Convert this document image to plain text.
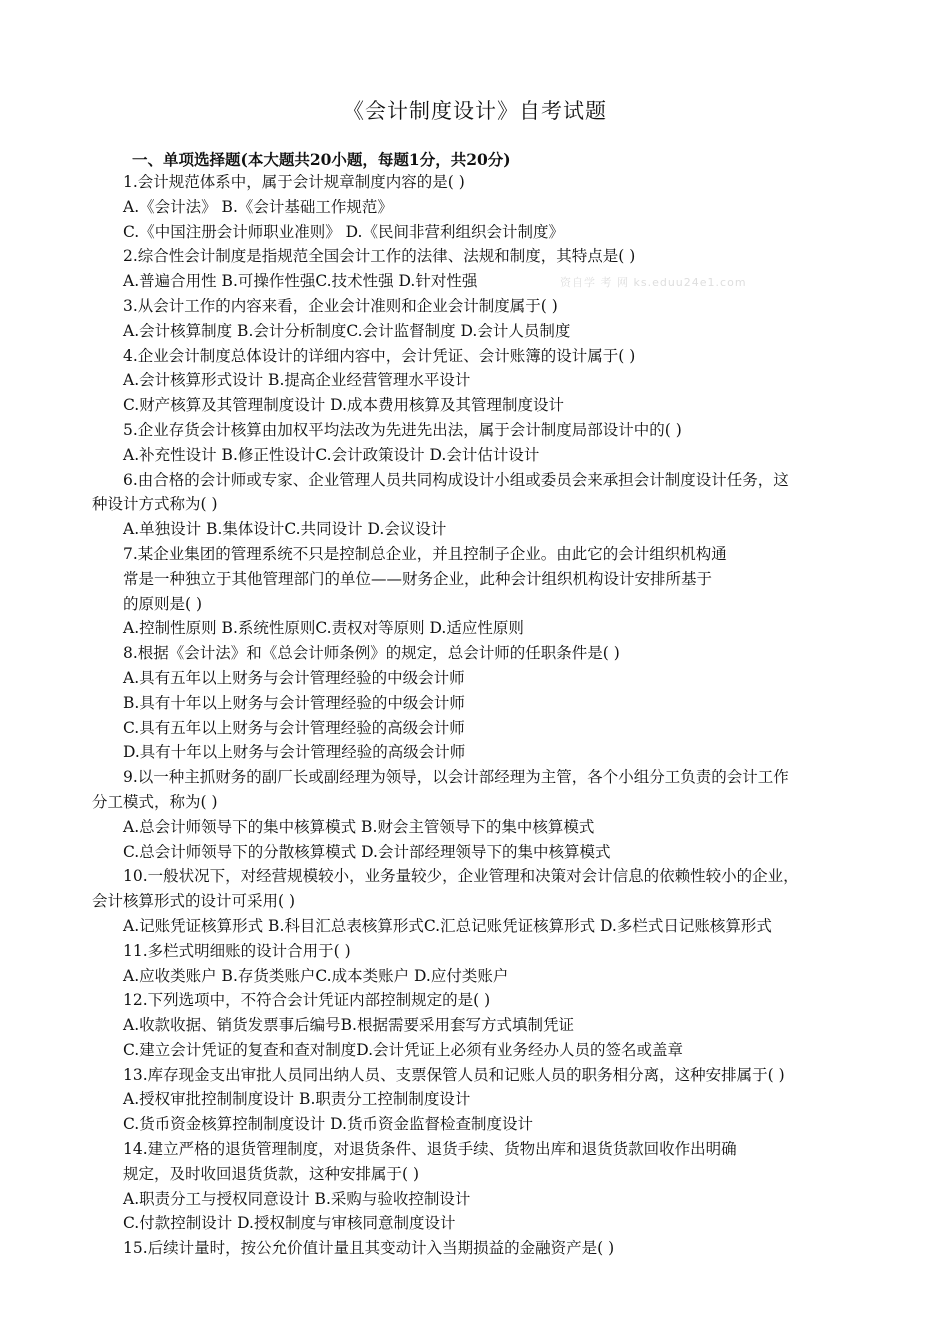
《会计制度设计》自考试题
一、单项选择题(本大题共20小题，每题1分，共20分)
资自学 考 网 ks.eduu24e1.com
1.会计规范体系中，属于会计规章制度内容的是( )
A.《会计法》 B.《会计基础工作规范》
C.《中国注册会计师职业准则》 D.《民间非营利组织会计制度》
2.综合性会计制度是指规范全国会计工作的法律、法规和制度，其特点是( )
A.普遍合用性 B.可操作性强C.技术性强 D.针对性强
3.从会计工作的内容来看，企业会计准则和企业会计制度属于( )
A.会计核算制度 B.会计分析制度C.会计监督制度 D.会计人员制度
4.企业会计制度总体设计的详细内容中，会计凭证、会计账簿的设计属于( )
A.会计核算形式设计 B.提高企业经营管理水平设计
C.财产核算及其管理制度设计 D.成本费用核算及其管理制度设计
5.企业存货会计核算由加权平均法改为先进先出法，属于会计制度局部设计中的( )
A.补充性设计 B.修正性设计C.会计政策设计 D.会计估计设计
6.由合格的会计师或专家、企业管理人员共同构成设计小组或委员会来承担会计制度设计任务，这
种设计方式称为( )
A.单独设计 B.集体设计C.共同设计 D.会议设计
7.某企业集团的管理系统不只是控制总企业，并且控制子企业。由此它的会计组织机构通
常是一种独立于其他管理部门的单位——财务企业，此种会计组织机构设计安排所基于
的原则是( )
A.控制性原则 B.系统性原则C.责权对等原则 D.适应性原则
8.根据《会计法》和《总会计师条例》的规定，总会计师的任职条件是( )
A.具有五年以上财务与会计管理经验的中级会计师
B.具有十年以上财务与会计管理经验的中级会计师
C.具有五年以上财务与会计管理经验的高级会计师
D.具有十年以上财务与会计管理经验的高级会计师
9.以一种主抓财务的副厂长或副经理为领导，以会计部经理为主管，各个小组分工负责的会计工作
分工模式，称为( )
A.总会计师领导下的集中核算模式 B.财会主管领导下的集中核算模式
C.总会计师领导下的分散核算模式 D.会计部经理领导下的集中核算模式
10.一般状况下，对经营规模较小，业务量较少，企业管理和决策对会计信息的依赖性较小的企业，
会计核算形式的设计可采用( )
A.记账凭证核算形式 B.科目汇总表核算形式C.汇总记账凭证核算形式 D.多栏式日记账核算形式
11.多栏式明细账的设计合用于( )
A.应收类账户 B.存货类账户C.成本类账户 D.应付类账户
12.下列选项中，不符合会计凭证内部控制规定的是( )
A.收款收据、销货发票事后编号B.根据需要采用套写方式填制凭证
C.建立会计凭证的复查和查对制度D.会计凭证上必须有业务经办人员的签名或盖章
13.库存现金支出审批人员同出纳人员、支票保管人员和记账人员的职务相分离，这种安排属于( )
A.授权审批控制制度设计 B.职责分工控制制度设计
C.货币资金核算控制制度设计 D.货币资金监督检查制度设计
14.建立严格的退货管理制度，对退货条件、退货手续、货物出库和退货货款回收作出明确
规定，及时收回退货货款，这种安排属于( )
A.职责分工与授权同意设计 B.采购与验收控制设计
C.付款控制设计 D.授权制度与审核同意制度设计
15.后续计量时，按公允价值计量且其变动计入当期损益的金融资产是( )
